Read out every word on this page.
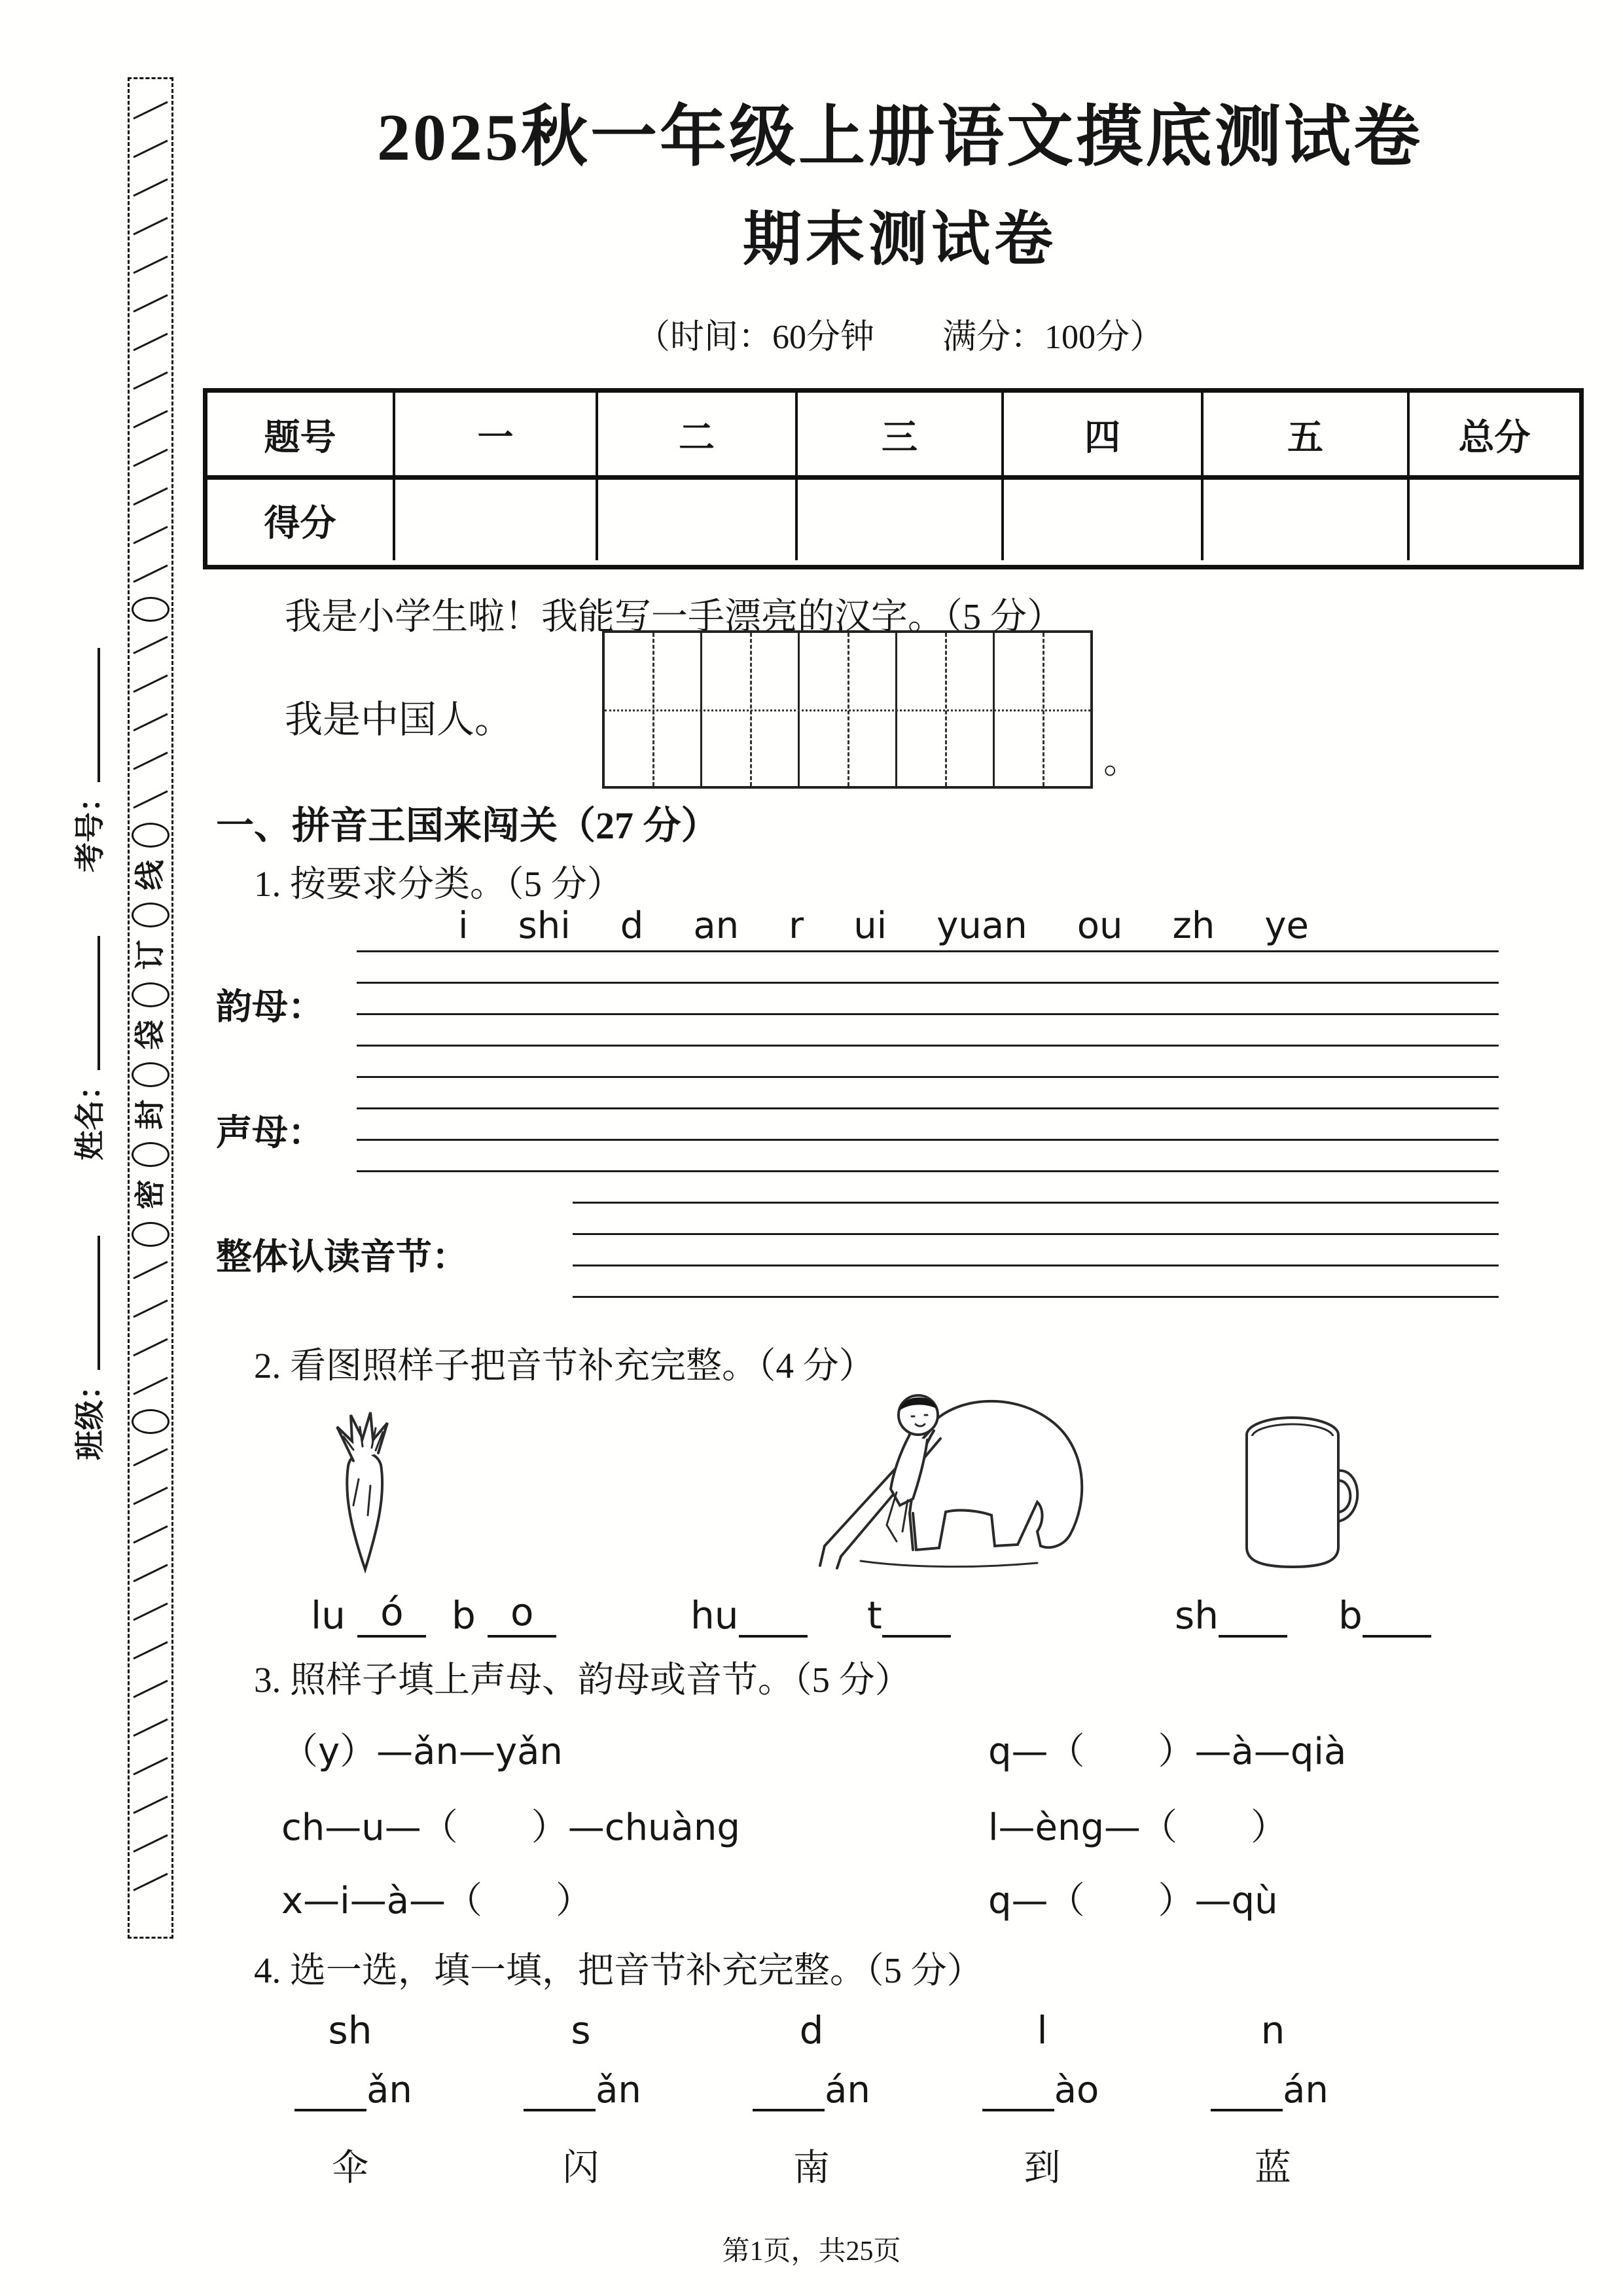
线
订
袋
封
密
考号：
姓名：
班级：
2025秋一年级上册语文摸底测试卷
期末测试卷
（时间：60分钟　　满分：100分）
题号	一	二	三	四	五	总分
得分
我是小学生啦！我能写一手漂亮的汉字。（5 分）
我是中国人。
。
一、拼音王国来闯关（27 分）
1. 按要求分类。（5 分）
i shi d an r ui yuan ou zh ye
韵母：
声母：
整体认读音节：
2. 看图照样子把音节补充完整。（4 分）
lu ó	b o	hu	t	sh	b
3. 照样子填上声母、韵母或音节。（5 分）
（y）—ǎn—yǎn	q—（　　）—à—qià
ch—u—（　　）—chuàng	l—èng—（　　）
x—i—à—（　　）	q—（　　）—qù
4. 选一选，填一填，把音节补充完整。（5 分）
sh	s	d	l	n
ǎn	ǎn	án	ào	án
伞	闪	南	到	蓝
第1页，共25页
